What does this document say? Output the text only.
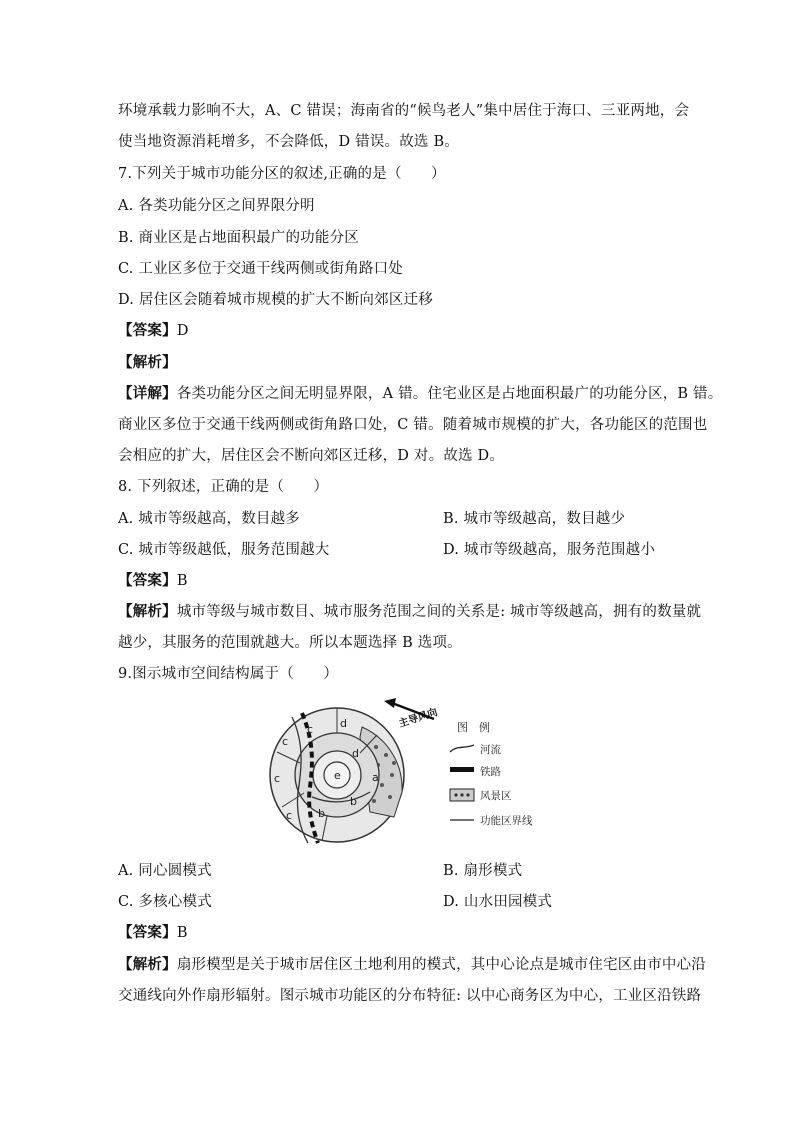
环境承载力影响不大，A、C 错误；海南省的“候鸟老人”集中居住于海口、三亚两地，会
使当地资源消耗增多，不会降低，D 错误。故选 B。
7.下列关于城市功能分区的叙述,正确的是（　　）
A. 各类功能分区之间界限分明
B. 商业区是占地面积最广的功能分区
C. 工业区多位于交通干线两侧或街角路口处
D. 居住区会随着城市规模的扩大不断向郊区迁移
【答案】D
【解析】
【详解】各类功能分区之间无明显界限，A 错。住宅业区是占地面积最广的功能分区，B 错。
商业区多位于交通干线两侧或街角路口处，C 错。随着城市规模的扩大，各功能区的范围也
会相应的扩大，居住区会不断向郊区迁移，D 对。故选 D。
8. 下列叙述，正确的是（　　）
A. 城市等级越高，数目越多	B. 城市等级越高，数目越少
C. 城市等级越低，服务范围越大	D. 城市等级越高，服务范围越小
【答案】B
【解析】城市等级与城市数目、城市服务范围之间的关系是: 城市等级越高，拥有的数量就
越少，其服务的范围就越大。所以本题选择 B 选项。
9.图示城市空间结构属于（　　）
c
c
c d
e	a
b
c
d
b
主导风向 图　例
河流
铁路
风景区
功能区界线
A. 同心圆模式	B. 扇形模式
C. 多核心模式	D. 山水田园模式
【答案】B
【解析】扇形模型是关于城市居住区土地利用的模式，其中心论点是城市住宅区由市中心沿
交通线向外作扇形辐射。图示城市功能区的分布特征: 以中心商务区为中心，工业区沿铁路
